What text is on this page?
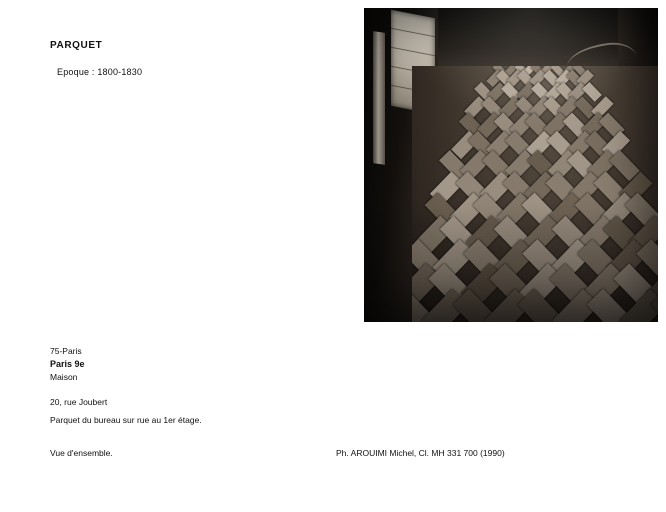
PARQUET
Epoque : 1800-1830
75-Paris
Paris 9e
Maison
20, rue Joubert
Parquet du bureau sur rue au 1er étage.
Vue d'ensemble.	Ph. AROUIMI Michel, Cl. MH 331 700 (1990)
